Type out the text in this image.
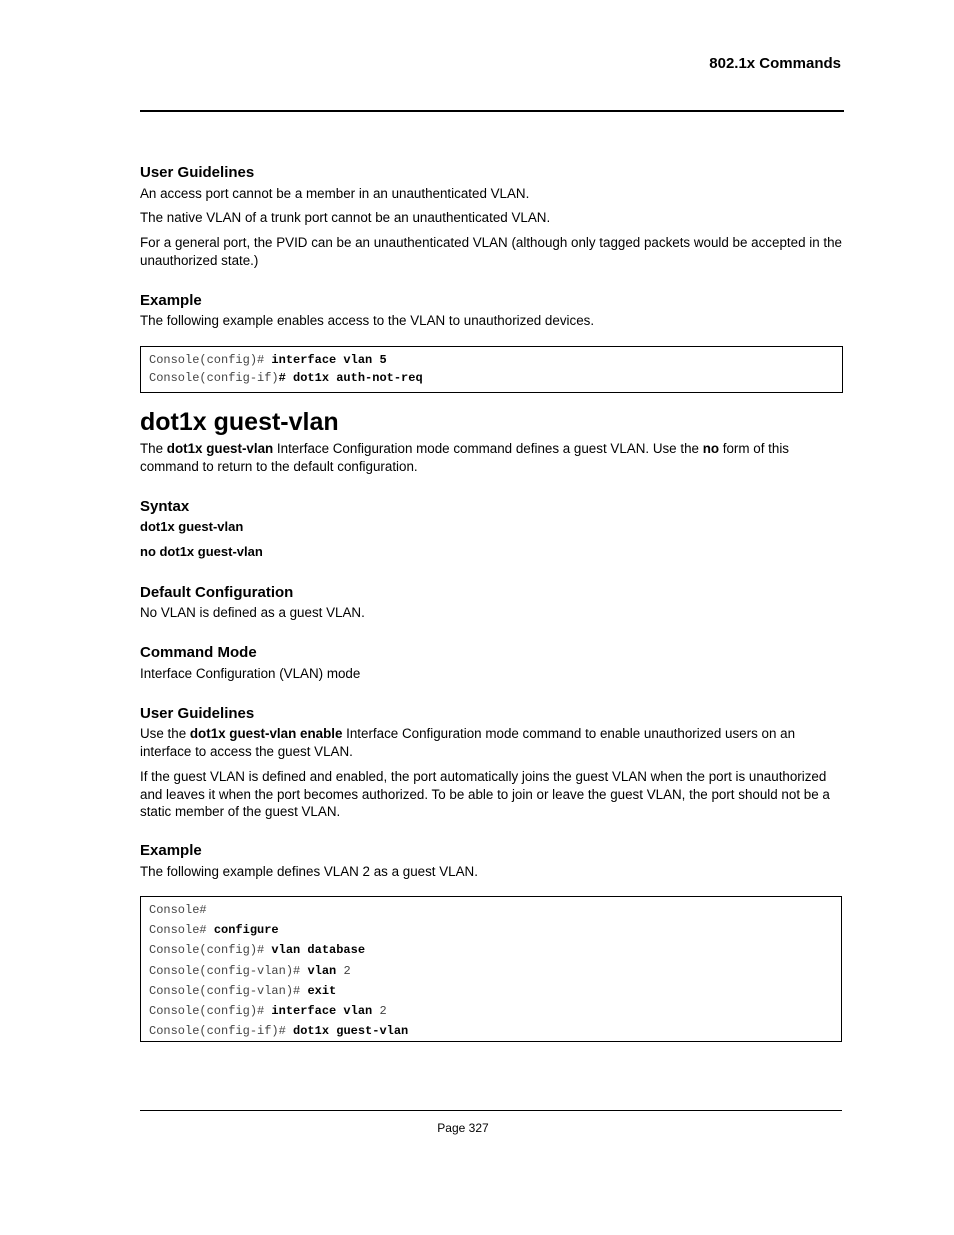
802.1x Commands
User Guidelines

An access port cannot be a member in an unauthenticated VLAN.

The native VLAN of a trunk port cannot be an unauthenticated VLAN.

For a general port, the PVID can be an unauthenticated VLAN (although only tagged packets would be accepted in the unauthorized state.)

Example

The following example enables access to the VLAN to unauthorized devices.

Console(config)# interface vlan 5
Console(config-if)# dot1x auth-not-req
dot1x guest-vlan

The dot1x guest-vlan Interface Configuration mode command defines a guest VLAN. Use the no form of this command to return to the default configuration.

Syntax

dot1x guest-vlan

no dot1x guest-vlan

Default Configuration

No VLAN is defined as a guest VLAN.

Command Mode

Interface Configuration (VLAN) mode

User Guidelines

Use the dot1x guest-vlan enable Interface Configuration mode command to enable unauthorized users on an interface to access the guest VLAN.

If the guest VLAN is defined and enabled, the port automatically joins the guest VLAN when the port is unauthorized and leaves it when the port becomes authorized. To be able to join or leave the guest VLAN, the port should not be a static member of the guest VLAN.

Example

The following example defines VLAN 2 as a guest VLAN.

Console#
Console# configure
Console(config)# vlan database
Console(config-vlan)# vlan 2
Console(config-vlan)# exit
Console(config)# interface vlan 2
Console(config-if)# dot1x guest-vlan
Page 327
